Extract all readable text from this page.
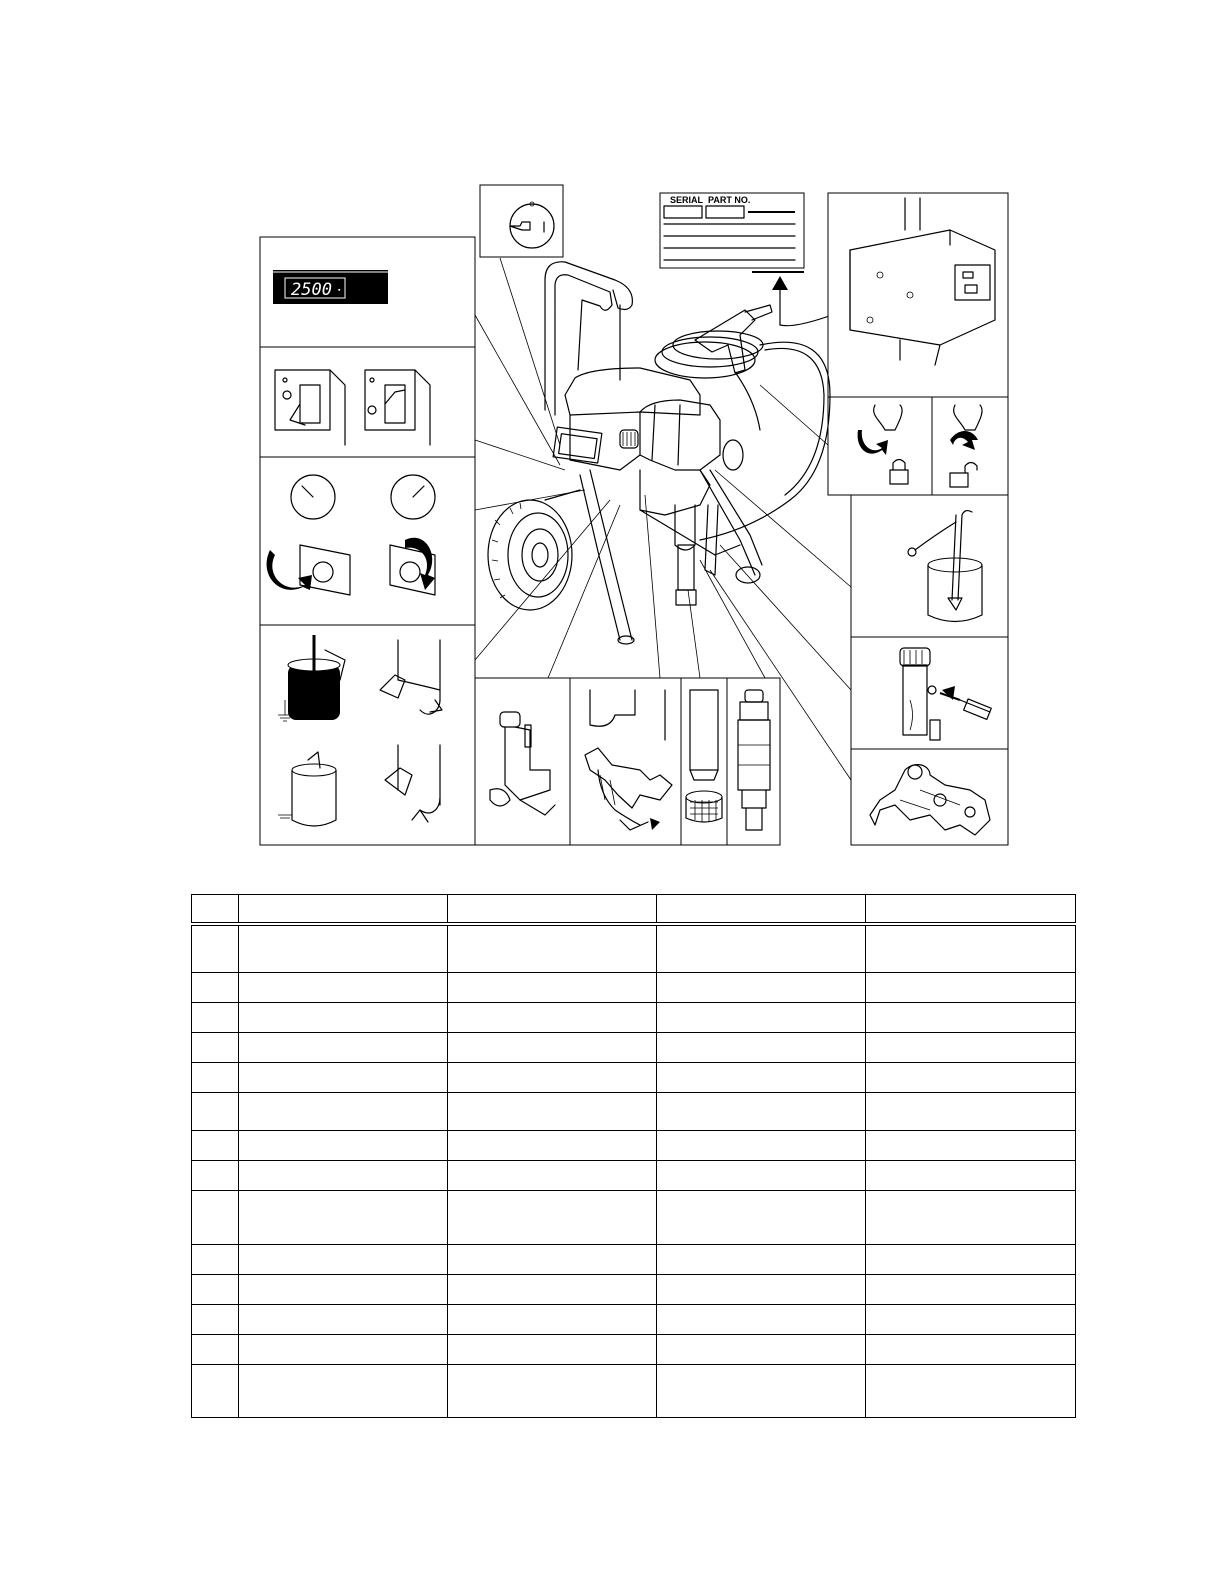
2500 ▪
SERIAL PART NO.
